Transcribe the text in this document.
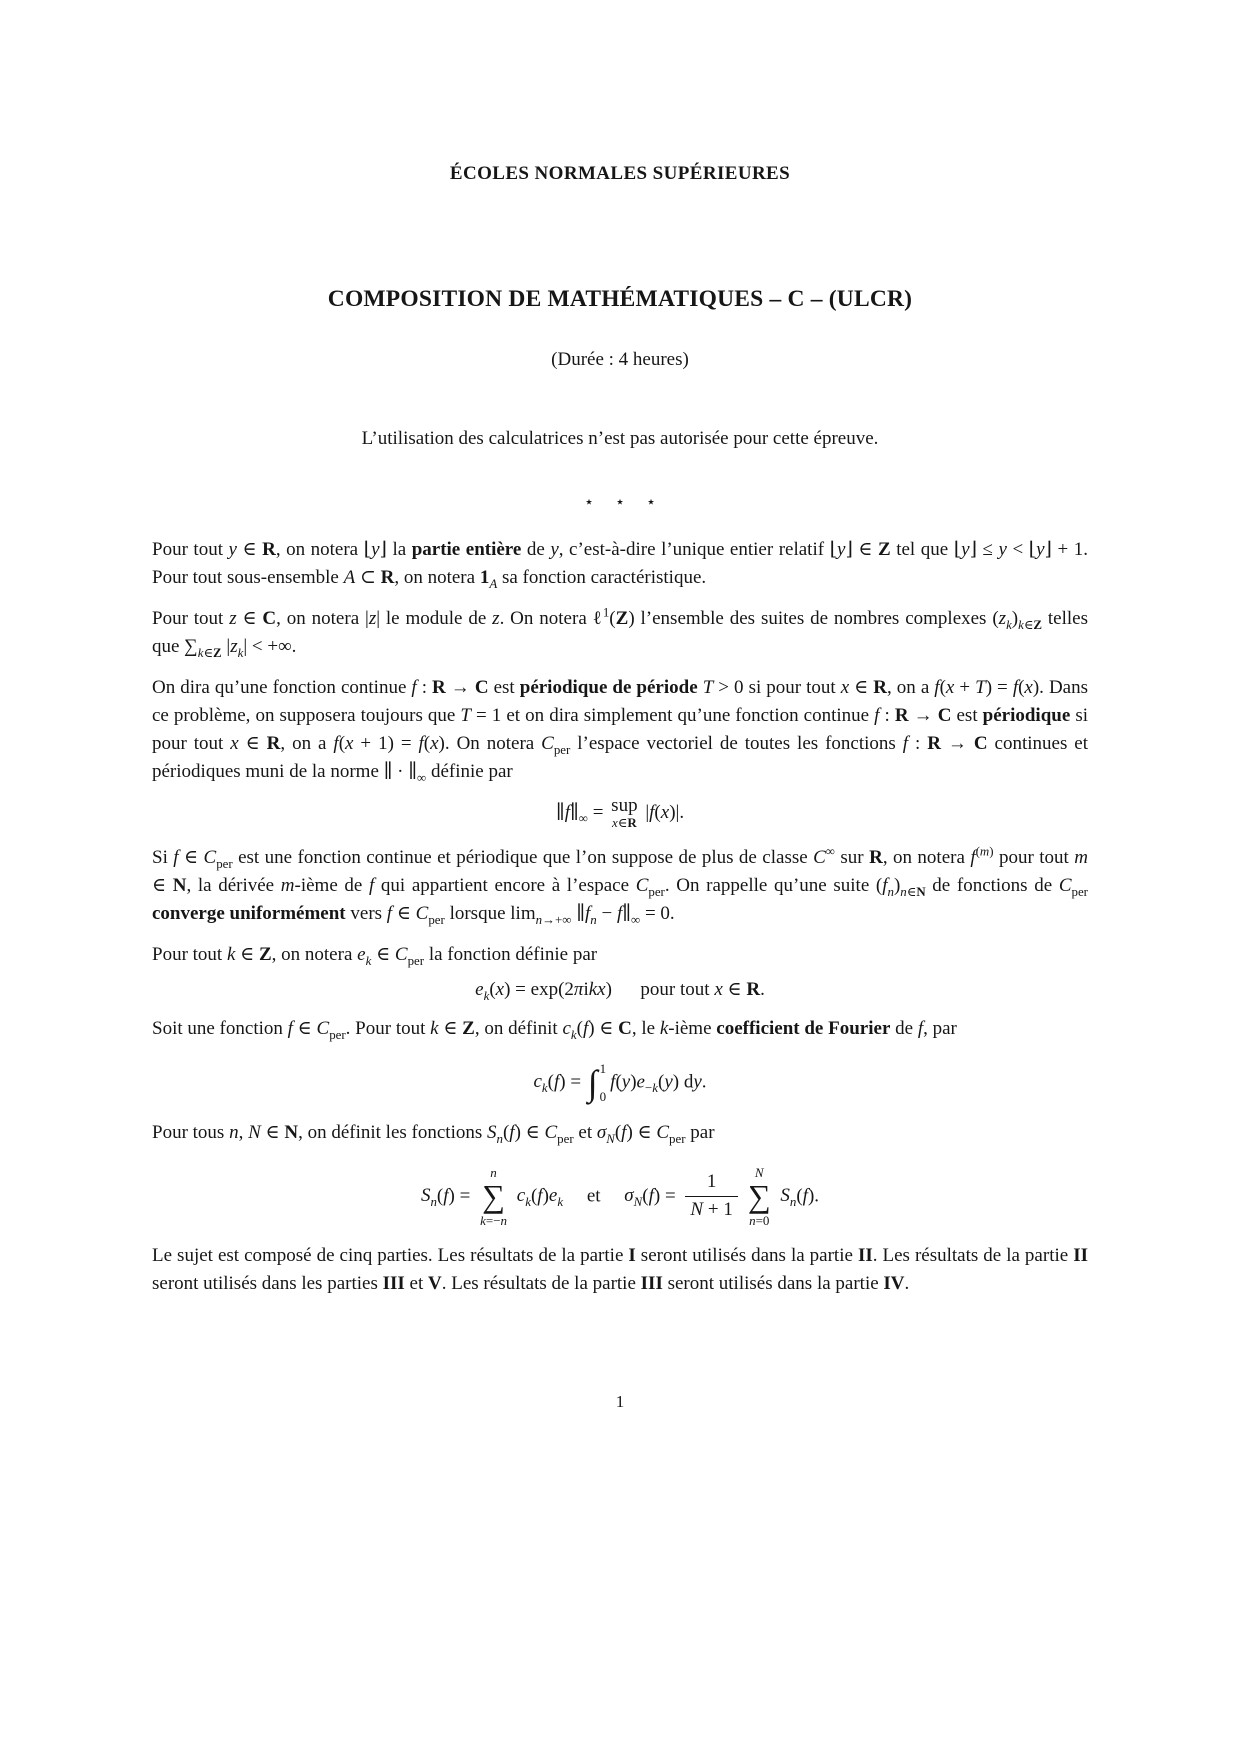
ÉCOLES NORMALES SUPÉRIEURES
COMPOSITION DE MATHÉMATIQUES – C – (ULCR)
(Durée : 4 heures)
L’utilisation des calculatrices n’est pas autorisée pour cette épreuve.
⋆ ⋆ ⋆
Pour tout y ∈ R, on notera ⌊y⌋ la partie entière de y, c’est-à-dire l’unique entier relatif ⌊y⌋ ∈ Z tel que ⌊y⌋ ≤ y < ⌊y⌋ + 1. Pour tout sous-ensemble A ⊂ R, on notera $1_A$ sa fonction caractéristique.
Pour tout z ∈ C, on notera |z| le module de z. On notera ℓ$^1$(Z) l’ensemble des suites de nombres complexes $(z_k)_{k\in Z}$ telles que $\sum_{k\in Z}$ $|z_k|$ < +∞.
On dira qu’une fonction continue f : R → C est périodique de période T > 0 si pour tout x ∈ R, on a f(x + T) = f(x). Dans ce problème, on supposera toujours que T = 1 et on dira simplement qu’une fonction continue f : R → C est périodique si pour tout x ∈ R, on a f(x + 1) = f(x). On notera $C_{per}$ l’espace vectoriel de toutes les fonctions f : R → C continues et périodiques muni de la norme ∥ · $\parallel_\infty$ définie par
$\parallel f\parallel_\infty$ = sup
x∈R |f(x)|.
Si f ∈ $C_{per}$ est une fonction continue et périodique que l’on suppose de plus de classe C∞ sur R, on notera $f^{(m)}$ pour tout m ∈ N, la dérivée m-ième de f qui appartient encore à l’espace $C_{per}$. On rappelle qu’une suite $(f_n)_{n\in N}$ de fonctions de $C_{per}$ converge uniformément vers f ∈ $C_{per}$ lorsque $\lim_{n\to+\infty}$ $\parallel f_n$ − $f\parallel_\infty = 0$.
Pour tout k ∈ Z, on notera $e_k$ ∈ $C_{per}$ la fonction définie par
$e_k(x) = \exp(2\pi ikx)$   pour tout x ∈ R.
Soit une fonction f ∈ $C_{per}$. Pour tout k ∈ Z, on définit $c_k(f)$ ∈ C, le k-ième coefficient de Fourier de f, par
$c_k(f)$ = ∫ 1
0
$f(y)e_{-k}(y)$ dy.
Pour tous n, N ∈ N, on définit les fonctions $S_n(f)$ ∈ $C_{per}$ et $\sigma_N(f)$ ∈ $C_{per}$ par
$S_n(f)$ =
n
∑
k=−n
$c_k(f)e_k$  et  $\sigma_N(f) = \frac{1}{N + 1}$ N
∑
n=0
$S_n(f)$.
Le sujet est composé de cinq parties. Les résultats de la partie I seront utilisés dans la partie II. Les résultats de la partie II seront utilisés dans les parties III et V. Les résultats de la partie III seront utilisés dans la partie IV.
1
